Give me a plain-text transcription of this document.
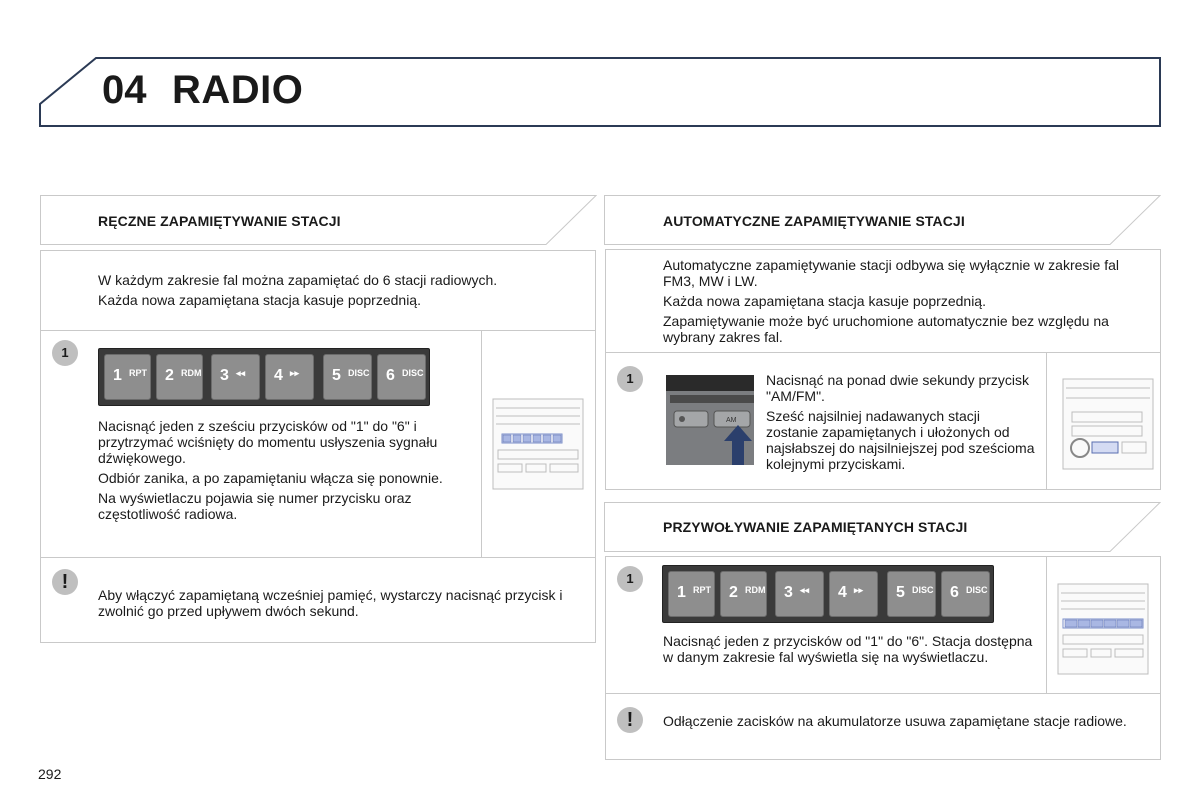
04 RADIO
RĘCZNE ZAPAMIĘTYWANIE STACJI

W każdym zakresie fal można zapamiętać do 6 stacji radiowych.

Każda nowa zapamiętana stacja kasuje poprzednią.

1
1 RPT 2 RDM 3 ◂◂ 4 ▸▸ 5 DISC 6 DISC

Nacisnąć jeden z sześciu przycisków od "1" do "6" i przytrzymać wciśnięty do momentu usłyszenia sygnału dźwiękowego.

Odbiór zanika, a po zapamiętaniu włącza się ponownie.

Na wyświetlaczu pojawia się numer przycisku oraz częstotliwość radiowa.

!
Aby włączyć zapamiętaną wcześniej pamięć, wystarczy nacisnąć przycisk i zwolnić go przed upływem dwóch sekund.
292
AUTOMATYCZNE ZAPAMIĘTYWANIE STACJI

Automatyczne zapamiętywanie stacji odbywa się wyłącznie w zakresie fal FM3, MW i LW.

Każda nowa zapamiętana stacja kasuje poprzednią.

Zapamiętywanie może być uruchomione automatycznie bez względu na wybrany zakres fal.

1
AM

Nacisnąć na ponad dwie sekundy przycisk "AM/FM".

Sześć najsilniej nadawanych stacji zostanie zapamiętanych i ułożonych od najsłabszej do najsilniejszej pod sześcioma kolejnymi przyciskami.

PRZYWOŁYWANIE ZAPAMIĘTANYCH STACJI
1
1 RPT 2 RDM 3 ◂◂ 4 ▸▸ 5 DISC 6 DISC
Nacisnąć jeden z przycisków od "1" do "6". Stacja dostępna w danym zakresie fal wyświetla się na wyświetlaczu.
!	Odłączenie zacisków na akumulatorze usuwa zapamiętane stacje radiowe.
